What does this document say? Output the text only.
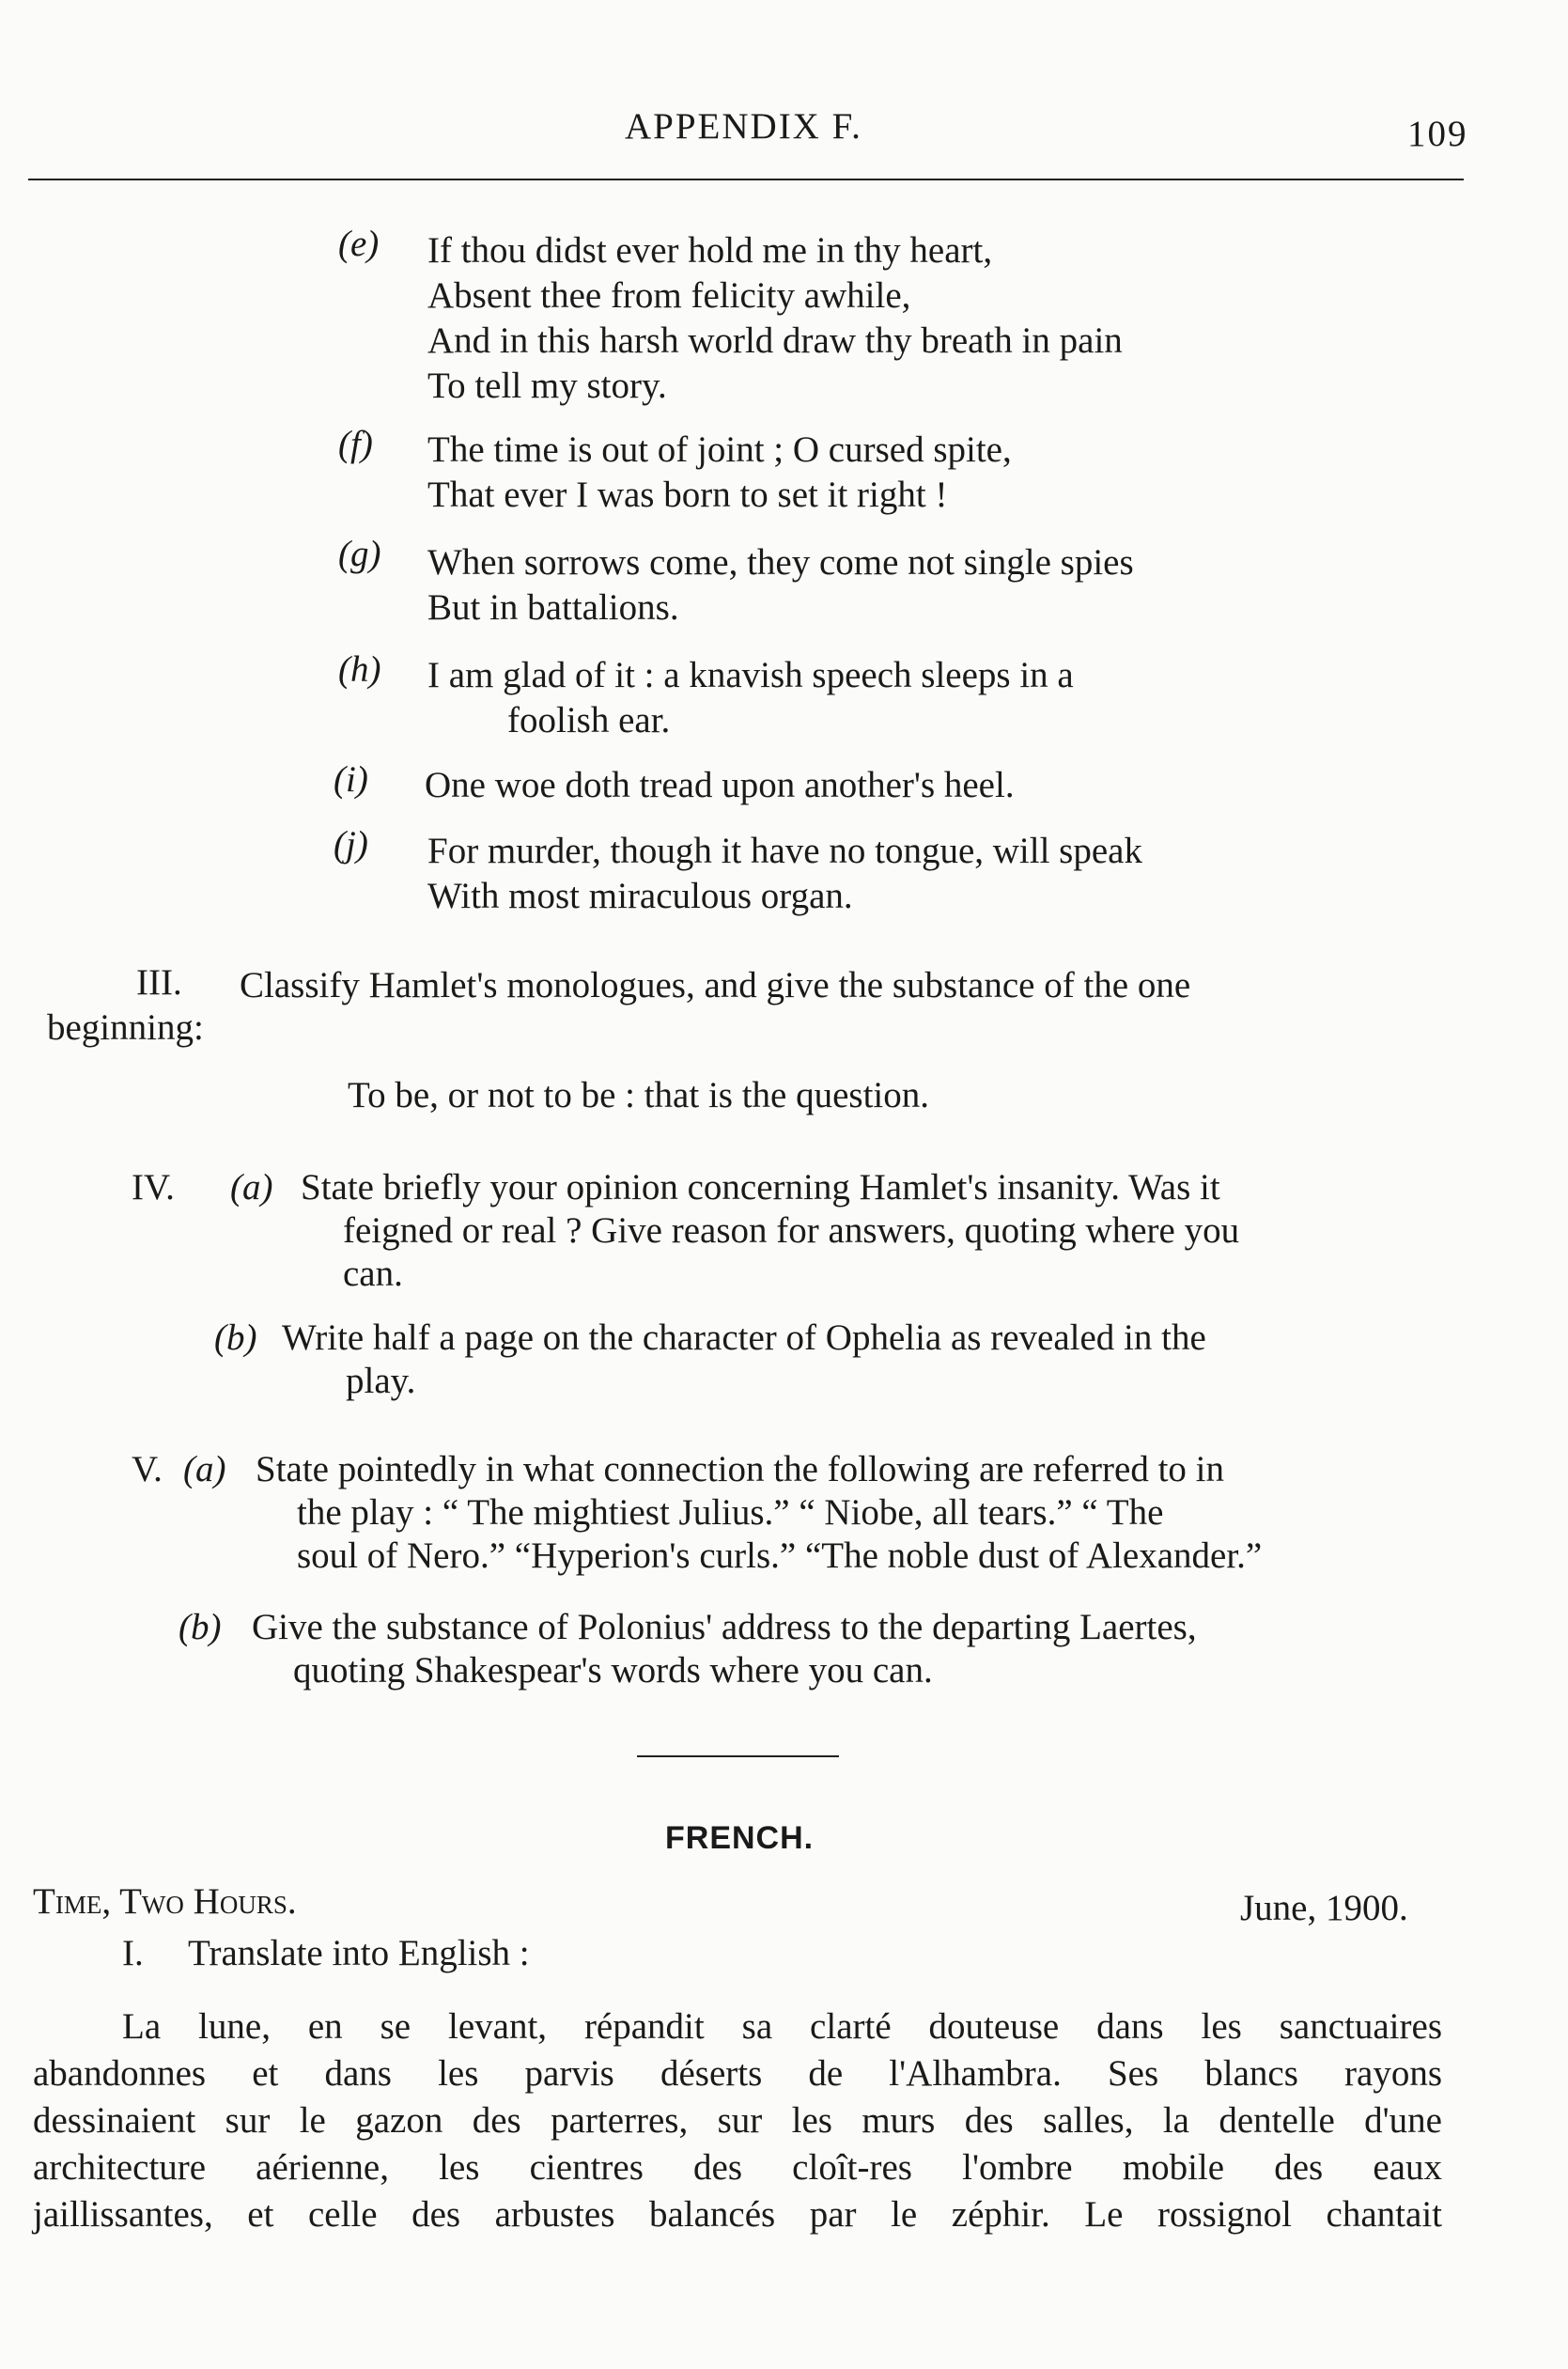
APPENDIX F.	109
(e) If thou didst ever hold me in thy heart,
Absent thee from felicity awhile,
And in this harsh world draw thy breath in pain
To tell my story.
(f) The time is out of joint ; O cursed spite,
That ever I was born to set it right !
(g) When sorrows come, they come not single spies
But in battalions.
(h) I am glad of it : a knavish speech sleeps in a
foolish ear.
(i) One woe doth tread upon another's heel.
(j) For murder, though it have no tongue, will speak
With most miraculous organ.
III. Classify Hamlet's monologues, and give the substance of the one
beginning:
To be, or not to be : that is the question.
IV. (a) State briefly your opinion concerning Hamlet's insanity. Was it
feigned or real ? Give reason for answers, quoting where you
can.
(b) Write half a page on the character of Ophelia as revealed in the
play.
V. (a) State pointedly in what connection the following are referred to in
the play : “ The mightiest Julius.” “ Niobe, all tears.” “ The
soul of Nero.” “Hyperion's curls.” “The noble dust of Alexander.”
(b) Give the substance of Polonius' address to the departing Laertes,
quoting Shakespear's words where you can.
FRENCH.
Time, Two Hours.	June, 1900.
I. Translate into English :
La lune, en se levant, répandit sa clarté douteuse dans les sanctuaires
abandonnes et dans les parvis déserts de l'Alhambra. Ses blancs rayons
dessinaient sur le gazon des parterres, sur les murs des salles, la dentelle d'une
architecture aérienne, les cientres des cloît-res l'ombre mobile des eaux
jaillissantes, et celle des arbustes balancés par le zéphir. Le rossignol chantait
